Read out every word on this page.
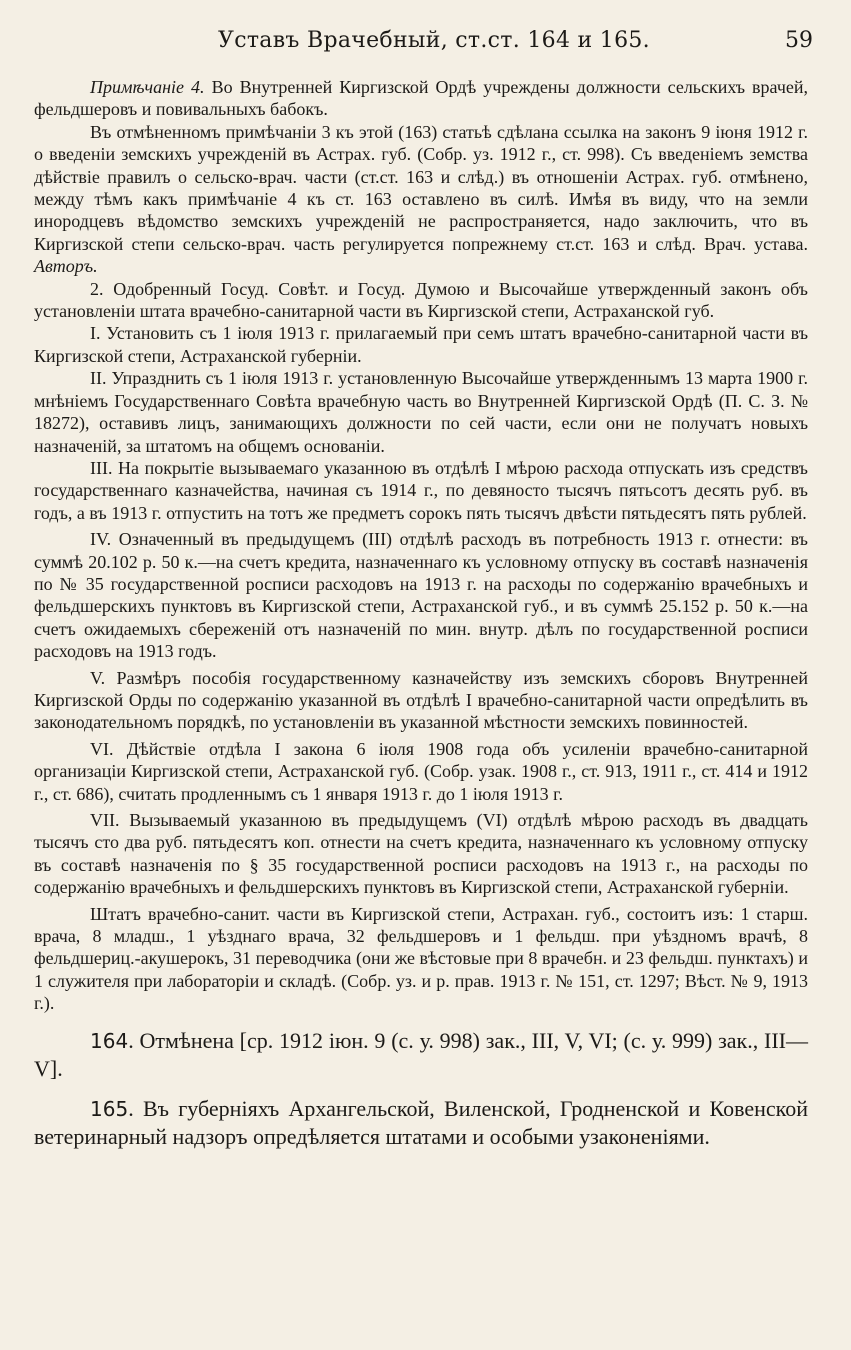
Уставъ Врачебный, ст.ст. 164 и 165.	59

Примѣчаніе 4. Во Внутренней Киргизской Ордѣ учреждены должности сельскихъ врачей, фельдшеровъ и повивальныхъ бабокъ.

Въ отмѣненномъ примѣчаніи 3 къ этой (163) статьѣ сдѣлана ссылка на законъ 9 іюня 1912 г. о введеніи земскихъ учрежденій въ Астрах. губ. (Собр. уз. 1912 г., ст. 998). Съ введеніемъ земства дѣйствіе правилъ о сельско-врач. части (ст.ст. 163 и слѣд.) въ отношеніи Астрах. губ. отмѣнено, между тѣмъ какъ примѣчаніе 4 къ ст. 163 оставлено въ силѣ. Имѣя въ виду, что на земли инородцевъ вѣдомство земскихъ учрежденій не распространяется, надо заключить, что въ Киргизской степи сельско-врач. часть регулируется попрежнему ст.ст. 163 и слѣд. Врач. устава. Авторъ.

2. Одобренный Госуд. Совѣт. и Госуд. Думою и Высочайше утвержденный законъ объ установленіи штата врачебно-санитарной части въ Киргизской степи, Астраханской губ.

I. Установить съ 1 іюля 1913 г. прилагаемый при семъ штатъ врачебно-санитарной части въ Киргизской степи, Астраханской губерніи.

II. Упразднить съ 1 іюля 1913 г. установленную Высочайше утвержденнымъ 13 марта 1900 г. мнѣніемъ Государственнаго Совѣта врачебную часть во Внутренней Киргизской Ордѣ (П. С. З. № 18272), оставивъ лицъ, занимающихъ должности по сей части, если они не получатъ новыхъ назначеній, за штатомъ на общемъ основаніи.

III. На покрытіе вызываемаго указанною въ отдѣлѣ I мѣрою расхода отпускать изъ средствъ государственнаго казначейства, начиная съ 1914 г., по девяносто тысячъ пятьсотъ десять руб. въ годъ, а въ 1913 г. отпустить на тотъ же предметъ сорокъ пять тысячъ двѣсти пятьдесятъ пять рублей.

IV. Означенный въ предыдущемъ (III) отдѣлѣ расходъ въ потребность 1913 г. отнести: въ суммѣ 20.102 р. 50 к.—на счетъ кредита, назначеннаго къ условному отпуску въ составѣ назначенія по № 35 государственной росписи расходовъ на 1913 г. на расходы по содержанію врачебныхъ и фельдшерскихъ пунктовъ въ Киргизской степи, Астраханской губ., и въ суммѣ 25.152 р. 50 к.—на счетъ ожидаемыхъ сбереженій отъ назначеній по мин. внутр. дѣлъ по государственной росписи расходовъ на 1913 годъ.

V. Размѣръ пособія государственному казначейству изъ земскихъ сборовъ Внутренней Киргизской Орды по содержанію указанной въ отдѣлѣ I врачебно-санитарной части опредѣлить въ законодательномъ порядкѣ, по установленіи въ указанной мѣстности земскихъ повинностей.

VI. Дѣйствіе отдѣла I закона 6 іюля 1908 года объ усиленіи врачебно-санитарной организаціи Киргизской степи, Астраханской губ. (Собр. узак. 1908 г., ст. 913, 1911 г., ст. 414 и 1912 г., ст. 686), считать продленнымъ съ 1 января 1913 г. до 1 іюля 1913 г.

VII. Вызываемый указанною въ предыдущемъ (VI) отдѣлѣ мѣрою расходъ въ двадцать тысячъ сто два руб. пятьдесятъ коп. отнести на счетъ кредита, назначеннаго къ условному отпуску въ составѣ назначенія по § 35 государственной росписи расходовъ на 1913 г., на расходы по содержанію врачебныхъ и фельдшерскихъ пунктовъ въ Киргизской степи, Астраханской губерніи.

Штатъ врачебно-санит. части въ Киргизской степи, Астрахан. губ., состоитъ изъ: 1 старш. врача, 8 младш., 1 уѣзднаго врача, 32 фельдшеровъ и 1 фельдш. при уѣздномъ врачѣ, 8 фельдшериц.-акушерокъ, 31 переводчика (они же вѣстовые при 8 врачебн. и 23 фельдш. пунктахъ) и 1 служителя при лабораторіи и складѣ. (Собр. уз. и р. прав. 1913 г. № 151, ст. 1297; Вѣст. № 9, 1913 г.).

164. Отмѣнена [ср. 1912 іюн. 9 (с. у. 998) зак., III, V, VI; (с. у. 999) зак., III—V].

165. Въ губерніяхъ Архангельской, Виленской, Гродненской и Ковенской ветеринарный надзоръ опредѣляется штатами и особыми узаконеніями.
